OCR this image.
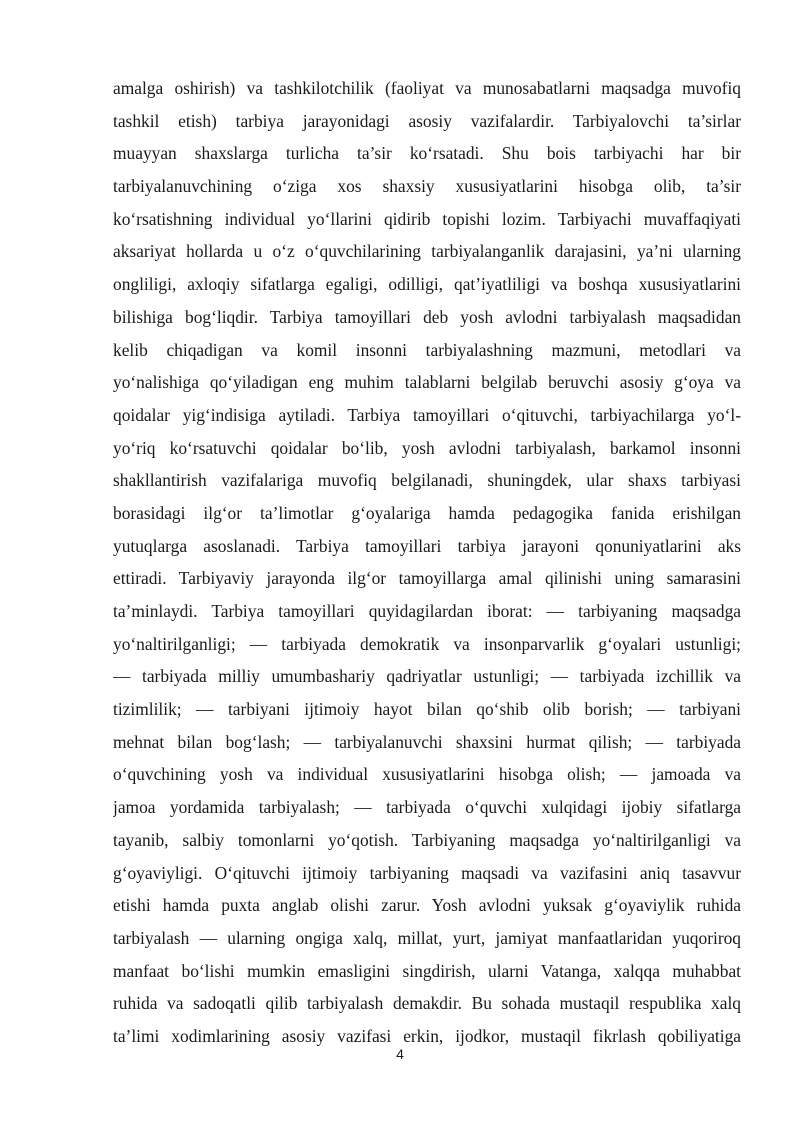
amalga oshirish) va tashkilotchilik (faoliyat va munosabatlarni maqsadga muvofiq
tashkil etish) tarbiya jarayonidagi asosiy vazifalardir. Tarbiyalovchi ta’sirlar
muayyan shaxslarga turlicha ta’sir ko‘rsatadi. Shu bois tarbiyachi har bir
tarbiyalanuvchining o‘ziga xos shaxsiy xususiyatlarini hisobga olib, ta’sir
ko‘rsatishning individual yo‘llarini qidirib topishi lozim. Tarbiyachi muvaffaqiyati
aksariyat hollarda u o‘z o‘quvchilarining tarbiyalanganlik darajasini, ya’ni ularning
ongliligi, axloqiy sifatlarga egaligi, odilligi, qat’iyatliligi va boshqa xususiyatlarini
bilishiga bog‘liqdir. Tarbiya tamoyillari deb yosh avlodni tarbiyalash maqsadidan
kelib chiqadigan va komil insonni tarbiyalashning mazmuni, metodlari va
yo‘nalishiga qo‘yiladigan eng muhim talablarni belgilab beruvchi asosiy g‘oya va
qoidalar yig‘indisiga aytiladi. Tarbiya tamoyillari o‘qituvchi, tarbiyachilarga yo‘l-
yo‘riq ko‘rsatuvchi qoidalar bo‘lib, yosh avlodni tarbiyalash, barkamol insonni
shakllantirish vazifalariga muvofiq belgilanadi, shuningdek, ular shaxs tarbiyasi
borasidagi ilg‘or ta’limotlar g‘oyalariga hamda pedagogika fanida erishilgan
yutuqlarga asoslanadi. Tarbiya tamoyillari tarbiya jarayoni qonuniyatlarini aks
ettiradi. Tarbiyaviy jarayonda ilg‘or tamoyillarga amal qilinishi uning samarasini
ta’minlaydi. Tarbiya tamoyillari quyidagilardan iborat: — tarbiyaning maqsadga
yo‘naltirilganligi; — tarbiyada demokratik va insonparvarlik g‘oyalari ustunligi;
— tarbiyada milliy umumbashariy qadriyatlar ustunligi; — tarbiyada izchillik va
tizimlilik; — tarbiyani ijtimoiy hayot bilan qo‘shib olib borish; — tarbiyani
mehnat bilan bog‘lash; — tarbiyalanuvchi shaxsini hurmat qilish; — tarbiyada
o‘quvchining yosh va individual xususiyatlarini hisobga olish; — jamoada va
jamoa yordamida tarbiyalash; — tarbiyada o‘quvchi xulqidagi ijobiy sifatlarga
tayanib, salbiy tomonlarni yo‘qotish. Tarbiyaning maqsadga yo‘naltirilganligi va
g‘oyaviyligi. O‘qituvchi ijtimoiy tarbiyaning maqsadi va vazifasini aniq tasavvur
etishi hamda puxta anglab olishi zarur. Yosh avlodni yuksak g‘oyaviylik ruhida
tarbiyalash — ularning ongiga xalq, millat, yurt, jamiyat manfaatlaridan yuqoriroq
manfaat bo‘lishi mumkin emasligini singdirish, ularni Vatanga, xalqqa muhabbat
ruhida va sadoqatli qilib tarbiyalash demakdir. Bu sohada mustaqil respublika xalq
ta’limi xodimlarining asosiy vazifasi erkin, ijodkor, mustaqil fikrlash qobiliyatiga
4
